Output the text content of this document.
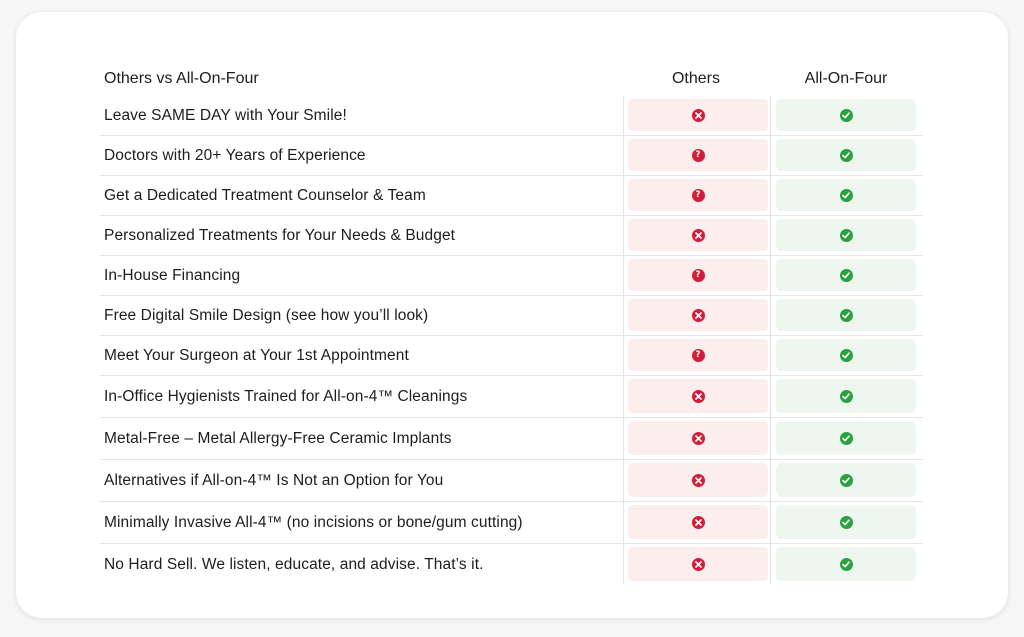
Others vs All-On-Four	Others	All-On-Four
Leave SAME DAY with Your Smile!
Doctors with 20+ Years of Experience	?
Get a Dedicated Treatment Counselor & Team	?
Personalized Treatments for Your Needs & Budget
In-House Financing	?
Free Digital Smile Design (see how you’ll look)
Meet Your Surgeon at Your 1st Appointment	?
In-Office Hygienists Trained for All-on-4™ Cleanings
Metal-Free – Metal Allergy-Free Ceramic Implants
Alternatives if All-on-4™ Is Not an Option for You
Minimally Invasive All-4™ (no incisions or bone/gum cutting)
No Hard Sell. We listen, educate, and advise. That’s it.
